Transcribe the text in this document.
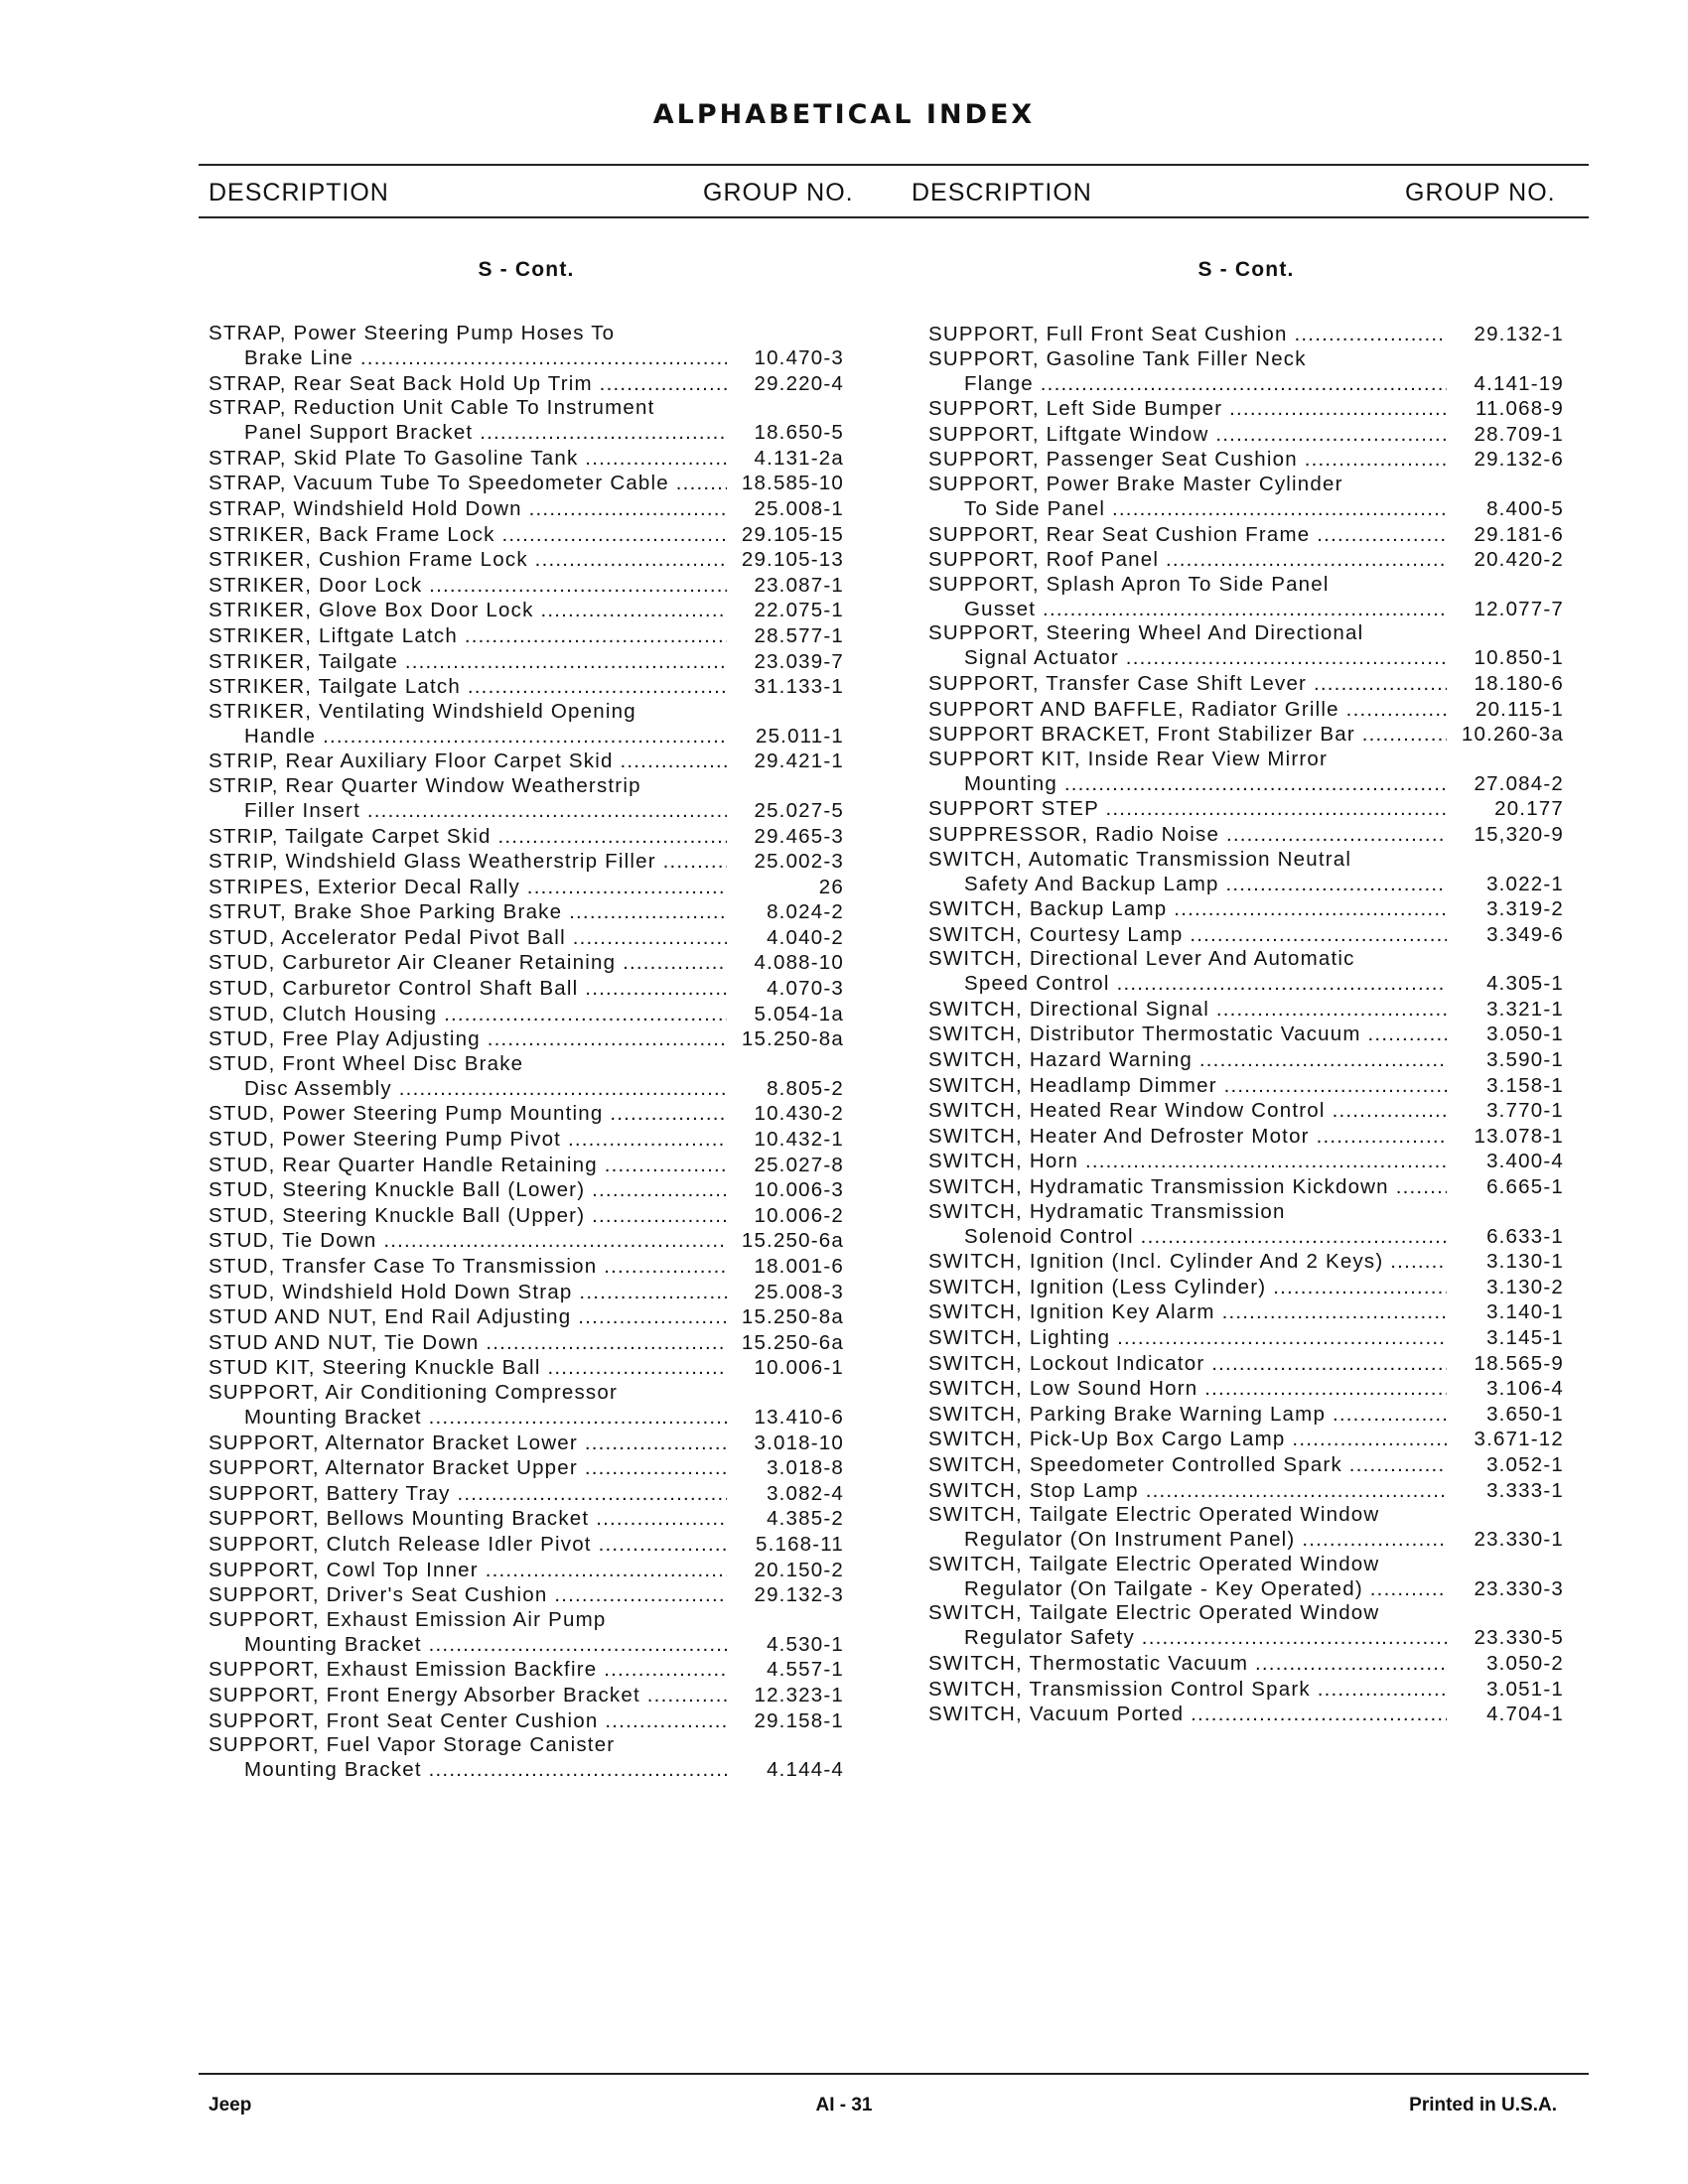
ALPHABETICAL INDEX
DESCRIPTION	GROUP NO. DESCRIPTION	GROUP NO.
S - Cont.
STRAP, Power Steering Pump Hoses To
Brake Line .....	10.470-3
STRAP, Rear Seat Back Hold Up Trim .....	29.220-4
STRAP, Reduction Unit Cable To Instrument
Panel Support Bracket .....	18.650-5
STRAP, Skid Plate To Gasoline Tank .....	4.131-2a
STRAP, Vacuum Tube To Speedometer Cable .....	18.585-10
STRAP, Windshield Hold Down .....	25.008-1
STRIKER, Back Frame Lock .....	29.105-15
STRIKER, Cushion Frame Lock .....	29.105-13
STRIKER, Door Lock .....	23.087-1
STRIKER, Glove Box Door Lock .....	22.075-1
STRIKER, Liftgate Latch .....	28.577-1
STRIKER, Tailgate .....	23.039-7
STRIKER, Tailgate Latch .....	31.133-1
STRIKER, Ventilating Windshield Opening
Handle .....	25.011-1
STRIP, Rear Auxiliary Floor Carpet Skid .....	29.421-1
STRIP, Rear Quarter Window Weatherstrip
Filler Insert .....	25.027-5
STRIP, Tailgate Carpet Skid .....	29.465-3
STRIP, Windshield Glass Weatherstrip Filler .....	25.002-3
STRIPES, Exterior Decal Rally .....	26
STRUT, Brake Shoe Parking Brake .....	8.024-2
STUD, Accelerator Pedal Pivot Ball .....	4.040-2
STUD, Carburetor Air Cleaner Retaining .....	4.088-10
STUD, Carburetor Control Shaft Ball .....	4.070-3
STUD, Clutch Housing .....	5.054-1a
STUD, Free Play Adjusting .....	15.250-8a
STUD, Front Wheel Disc Brake
Disc Assembly .....	8.805-2
STUD, Power Steering Pump Mounting .....	10.430-2
STUD, Power Steering Pump Pivot .....	10.432-1
STUD, Rear Quarter Handle Retaining .....	25.027-8
STUD, Steering Knuckle Ball (Lower) .....	10.006-3
STUD, Steering Knuckle Ball (Upper) .....	10.006-2
STUD, Tie Down .....	15.250-6a
STUD, Transfer Case To Transmission .....	18.001-6
STUD, Windshield Hold Down Strap .....	25.008-3
STUD AND NUT, End Rail Adjusting .....	15.250-8a
STUD AND NUT, Tie Down .....	15.250-6a
STUD KIT, Steering Knuckle Ball .....	10.006-1
SUPPORT, Air Conditioning Compressor
Mounting Bracket .....	13.410-6
SUPPORT, Alternator Bracket Lower .....	3.018-10
SUPPORT, Alternator Bracket Upper .....	3.018-8
SUPPORT, Battery Tray .....	3.082-4
SUPPORT, Bellows Mounting Bracket .....	4.385-2
SUPPORT, Clutch Release Idler Pivot .....	5.168-11
SUPPORT, Cowl Top Inner .....	20.150-2
SUPPORT, Driver's Seat Cushion .....	29.132-3
SUPPORT, Exhaust Emission Air Pump
Mounting Bracket .....	4.530-1
SUPPORT, Exhaust Emission Backfire .....	4.557-1
SUPPORT, Front Energy Absorber Bracket .....	12.323-1
SUPPORT, Front Seat Center Cushion .....	29.158-1
SUPPORT, Fuel Vapor Storage Canister
Mounting Bracket .....	4.144-4
S - Cont.
SUPPORT, Full Front Seat Cushion .....	29.132-1
SUPPORT, Gasoline Tank Filler Neck
Flange .....	4.141-19
SUPPORT, Left Side Bumper .....	11.068-9
SUPPORT, Liftgate Window .....	28.709-1
SUPPORT, Passenger Seat Cushion .....	29.132-6
SUPPORT, Power Brake Master Cylinder
To Side Panel .....	8.400-5
SUPPORT, Rear Seat Cushion Frame .....	29.181-6
SUPPORT, Roof Panel .....	20.420-2
SUPPORT, Splash Apron To Side Panel
Gusset .....	12.077-7
SUPPORT, Steering Wheel And Directional
Signal Actuator .....	10.850-1
SUPPORT, Transfer Case Shift Lever .....	18.180-6
SUPPORT AND BAFFLE, Radiator Grille .....	20.115-1
SUPPORT BRACKET, Front Stabilizer Bar .....	10.260-3a
SUPPORT KIT, Inside Rear View Mirror
Mounting .....	27.084-2
SUPPORT STEP .....	20.177
SUPPRESSOR, Radio Noise .....	15,320-9
SWITCH, Automatic Transmission Neutral
Safety And Backup Lamp .....	3.022-1
SWITCH, Backup Lamp .....	3.319-2
SWITCH, Courtesy Lamp .....	3.349-6
SWITCH, Directional Lever And Automatic
Speed Control .....	4.305-1
SWITCH, Directional Signal .....	3.321-1
SWITCH, Distributor Thermostatic Vacuum .....	3.050-1
SWITCH, Hazard Warning .....	3.590-1
SWITCH, Headlamp Dimmer .....	3.158-1
SWITCH, Heated Rear Window Control .....	3.770-1
SWITCH, Heater And Defroster Motor .....	13.078-1
SWITCH, Horn .....	3.400-4
SWITCH, Hydramatic Transmission Kickdown .....	6.665-1
SWITCH, Hydramatic Transmission
Solenoid Control .....	6.633-1
SWITCH, Ignition (Incl. Cylinder And 2 Keys) .....	3.130-1
SWITCH, Ignition (Less Cylinder) .....	3.130-2
SWITCH, Ignition Key Alarm .....	3.140-1
SWITCH, Lighting .....	3.145-1
SWITCH, Lockout Indicator .....	18.565-9
SWITCH, Low Sound Horn .....	3.106-4
SWITCH, Parking Brake Warning Lamp .....	3.650-1
SWITCH, Pick-Up Box Cargo Lamp .....	3.671-12
SWITCH, Speedometer Controlled Spark .....	3.052-1
SWITCH, Stop Lamp .....	3.333-1
SWITCH, Tailgate Electric Operated Window
Regulator (On Instrument Panel) .....	23.330-1
SWITCH, Tailgate Electric Operated Window
Regulator (On Tailgate - Key Operated) .....	23.330-3
SWITCH, Tailgate Electric Operated Window
Regulator Safety .....	23.330-5
SWITCH, Thermostatic Vacuum .....	3.050-2
SWITCH, Transmission Control Spark .....	3.051-1
SWITCH, Vacuum Ported .....	4.704-1
Jeep	AI - 31	Printed in U.S.A.
